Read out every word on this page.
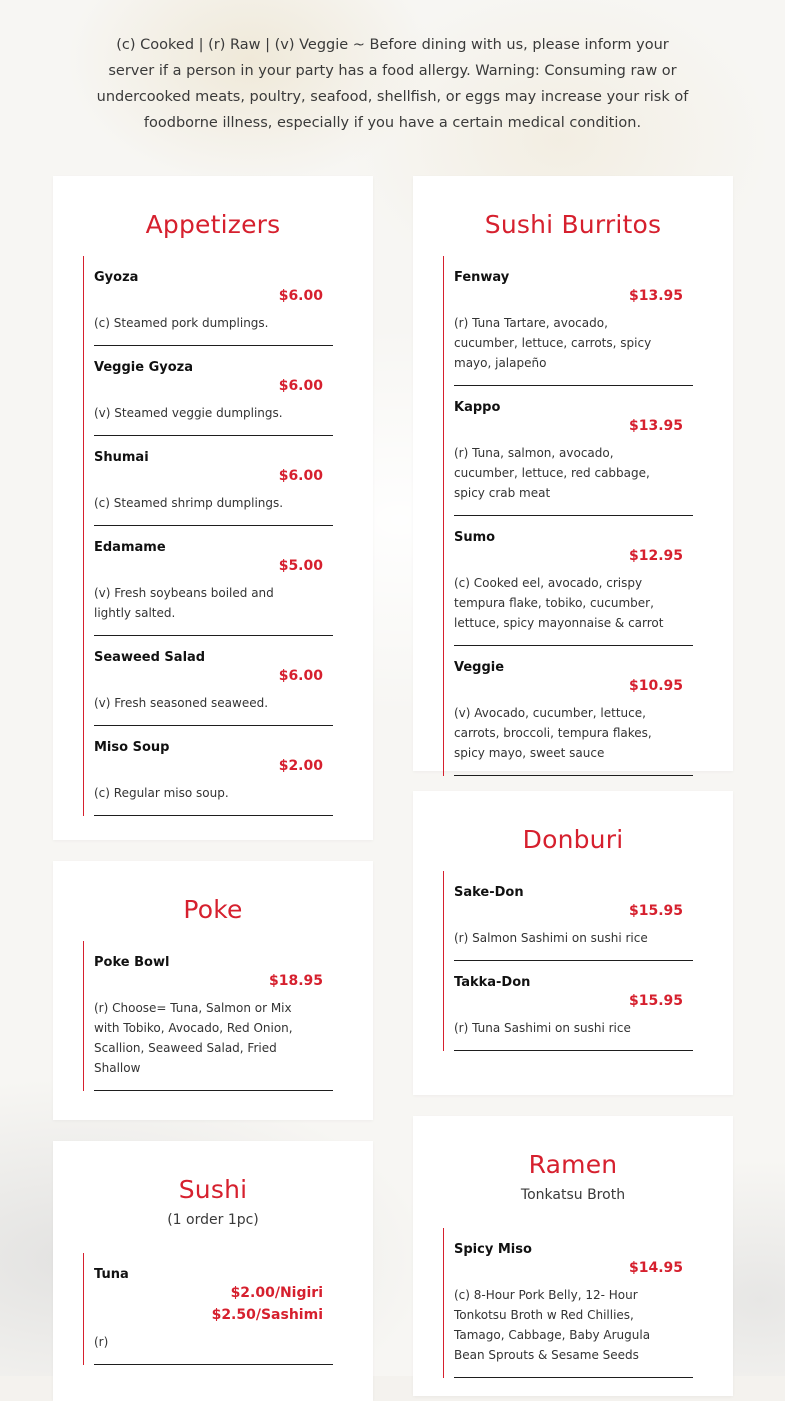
(c) Cooked | (r) Raw | (v) Veggie ~ Before dining with us, please inform your server if a person in your party has a food allergy. Warning: Consuming raw or undercooked meats, poultry, seafood, shellfish, or eggs may increase your risk of foodborne illness, especially if you have a certain medical condition.

Appetizers
Gyoza
$6.00
(c) Steamed pork dumplings.
Veggie Gyoza
$6.00
(v) Steamed veggie dumplings.
Shumai
$6.00
(c) Steamed shrimp dumplings.
Edamame
$5.00
(v) Fresh soybeans boiled and lightly salted.
Seaweed Salad
$6.00
(v) Fresh seasoned seaweed.
Miso Soup
$2.00
(c) Regular miso soup.
Sushi Burritos
Fenway
$13.95
(r) Tuna Tartare, avocado, cucumber, lettuce, carrots, spicy mayo, jalapeño
Kappo
$13.95
(r) Tuna, salmon, avocado, cucumber, lettuce, red cabbage, spicy crab meat
Sumo
$12.95
(c) Cooked eel, avocado, crispy tempura flake, tobiko, cucumber, lettuce, spicy mayonnaise & carrot
Veggie
$10.95
(v) Avocado, cucumber, lettuce, carrots, broccoli, tempura flakes, spicy mayo, sweet sauce
Poke
Poke Bowl
$18.95
(r) Choose= Tuna, Salmon or Mix with Tobiko, Avocado, Red Onion, Scallion, Seaweed Salad, Fried Shallow
Donburi
Sake-Don
$15.95
(r) Salmon Sashimi on sushi rice
Takka-Don
$15.95
(r) Tuna Sashimi on sushi rice
Sushi
(1 order 1pc)
Tuna
$2.00/Nigiri
$2.50/Sashimi
(r)
Ramen
Tonkatsu Broth
Spicy Miso
$14.95
(c) 8-Hour Pork Belly, 12- Hour Tonkotsu Broth w Red Chillies, Tamago, Cabbage, Baby Arugula Bean Sprouts & Sesame Seeds
